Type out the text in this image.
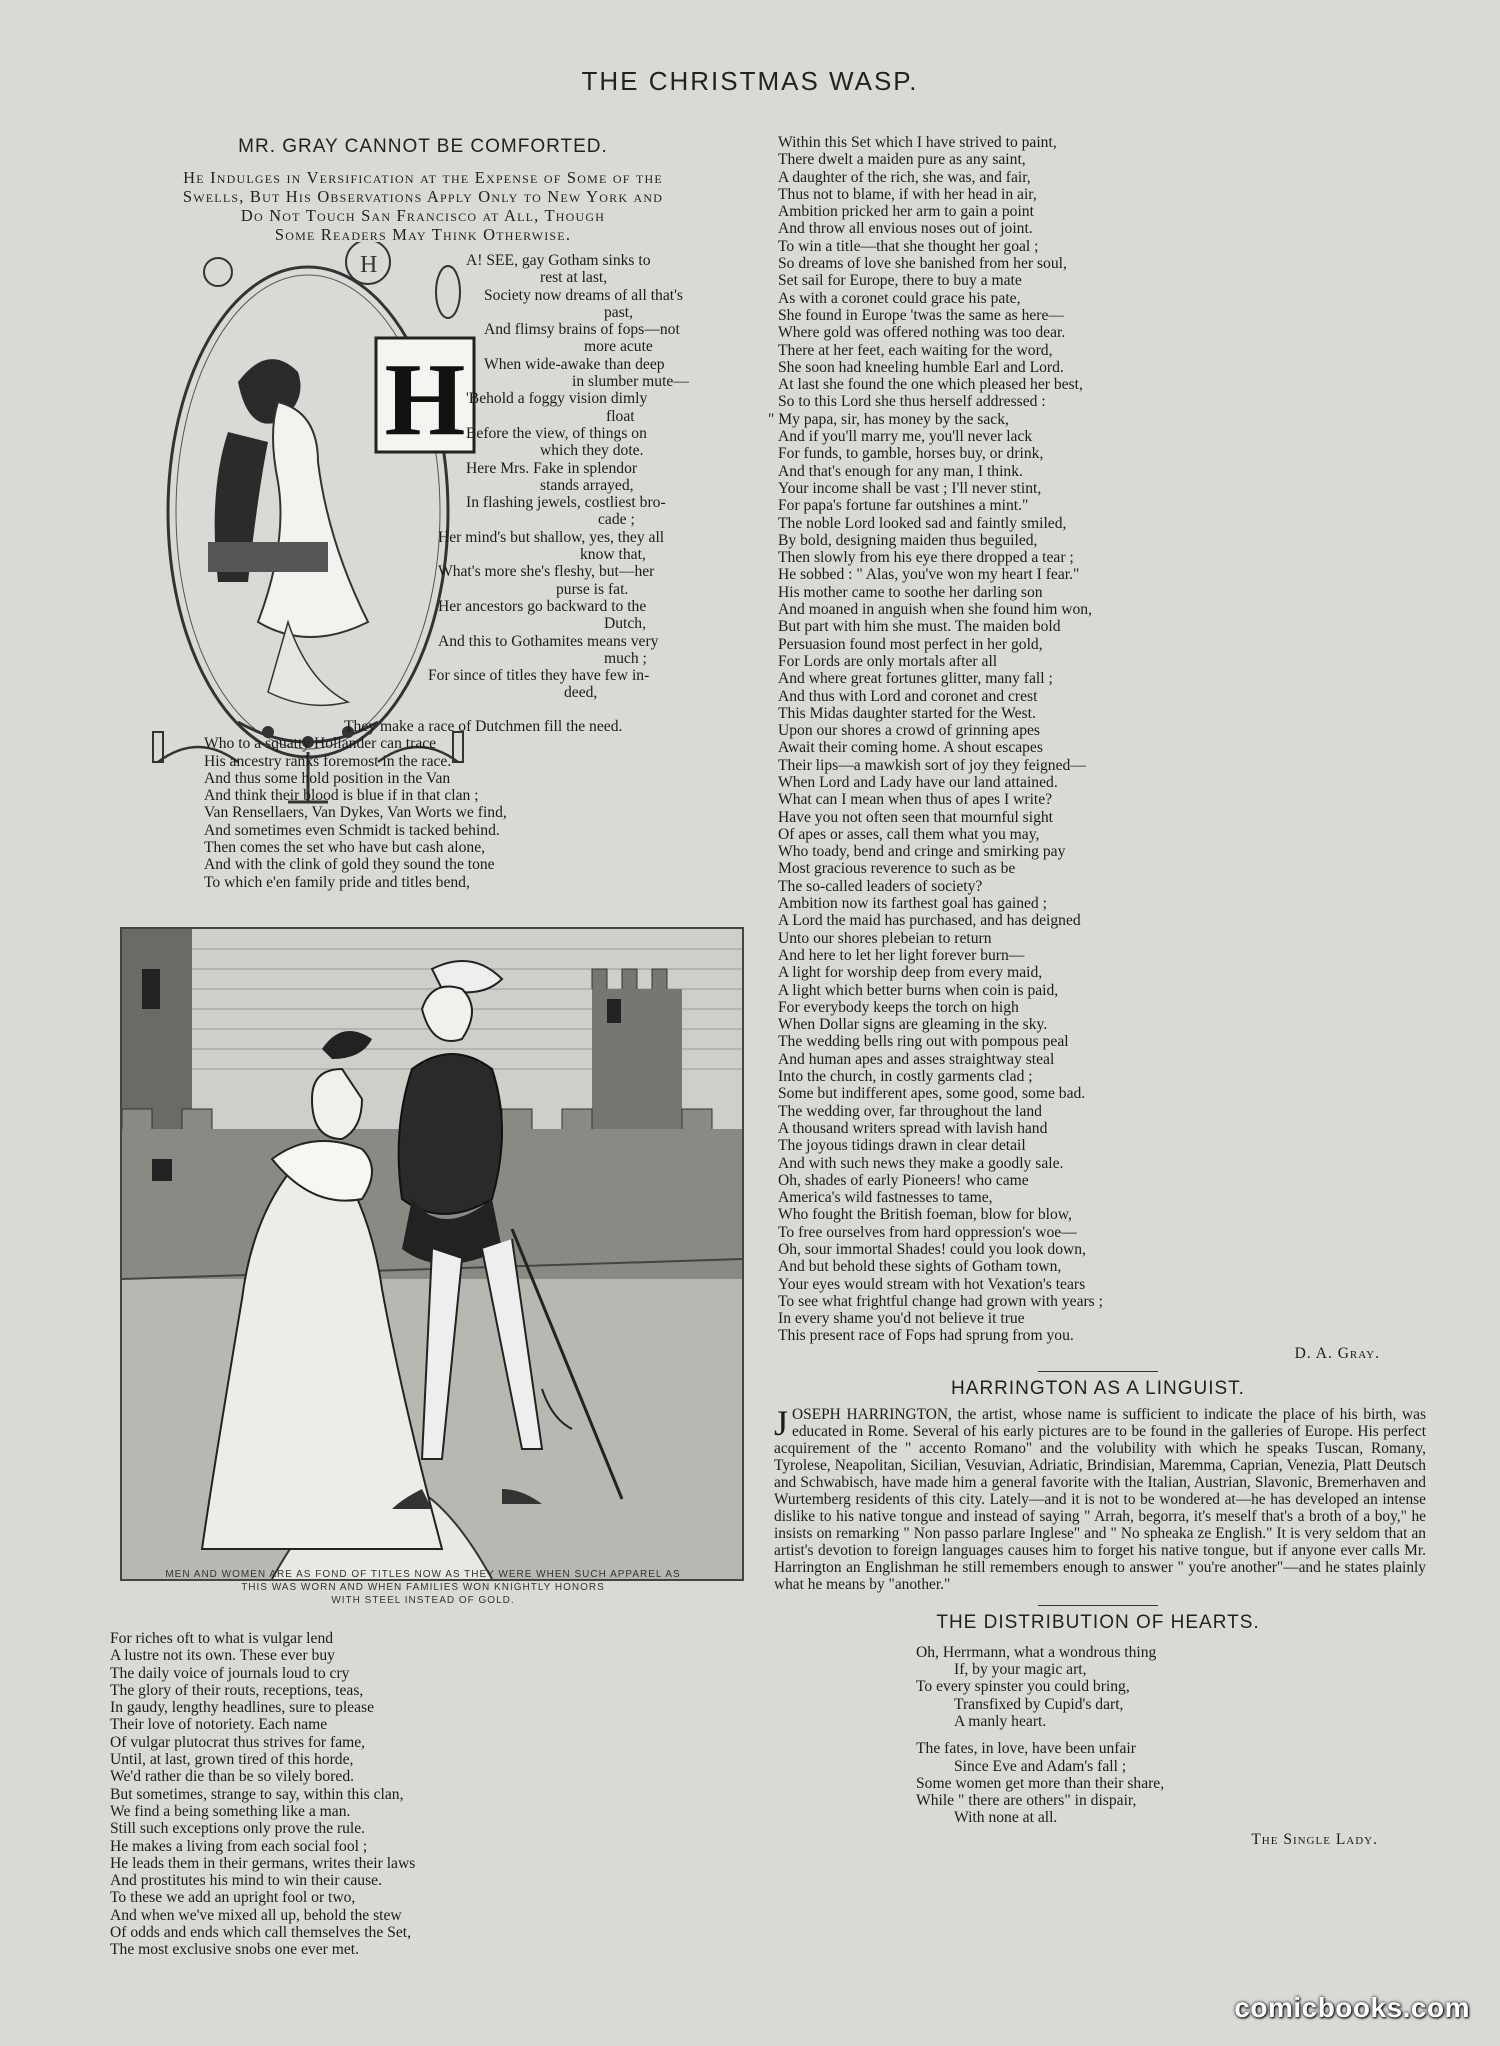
THE CHRISTMAS WASP.
MR. GRAY CANNOT BE COMFORTED.
He Indulges in Versification at the Expense of Some of the
Swells, But His Observations Apply Only to New York and
Do Not Touch San Francisco at All, Though
Some Readers May Think Otherwise.
H
H
A! SEE, gay Gotham sinks to
rest at last,
Society now dreams of all that's
past,
And flimsy brains of fops—not
more acute
When wide-awake than deep
in slumber mute—
'Behold a foggy vision dimly
float
Before the view, of things on
which they dote.
Here Mrs. Fake in splendor
stands arrayed,
In flashing jewels, costliest bro-
cade ;
Her mind's but shallow, yes, they all
know that,
What's more she's fleshy, but—her
purse is fat.
Her ancestors go backward to the
Dutch,
And this to Gothamites means very
much ;
For since of titles they have few in-
deed,
They make a race of Dutchmen fill the need.
Who to a squatty Hollander can trace
His ancestry ranks foremost in the race.
And thus some hold position in the Van
And think their blood is blue if in that clan ;
Van Rensellaers, Van Dykes, Van Worts we find,
And sometimes even Schmidt is tacked behind.
Then comes the set who have but cash alone,
And with the clink of gold they sound the tone
To which e'en family pride and titles bend,
MEN AND WOMEN ARE AS FOND OF TITLES NOW AS THEY WERE WHEN SUCH APPAREL AS
THIS WAS WORN AND WHEN FAMILIES WON KNIGHTLY HONORS
WITH STEEL INSTEAD OF GOLD.
For riches oft to what is vulgar lend
A lustre not its own. These ever buy
The daily voice of journals loud to cry
The glory of their routs, receptions, teas,
In gaudy, lengthy headlines, sure to please
Their love of notoriety. Each name
Of vulgar plutocrat thus strives for fame,
Until, at last, grown tired of this horde,
We'd rather die than be so vilely bored.
But sometimes, strange to say, within this clan,
We find a being something like a man.
Still such exceptions only prove the rule.
He makes a living from each social fool ;
He leads them in their germans, writes their laws
And prostitutes his mind to win their cause.
To these we add an upright fool or two,
And when we've mixed all up, behold the stew
Of odds and ends which call themselves the Set,
The most exclusive snobs one ever met.
Within this Set which I have strived to paint,
There dwelt a maiden pure as any saint,
A daughter of the rich, she was, and fair,
Thus not to blame, if with her head in air,
Ambition pricked her arm to gain a point
And throw all envious noses out of joint.
To win a title—that she thought her goal ;
So dreams of love she banished from her soul,
Set sail for Europe, there to buy a mate
As with a coronet could grace his pate,
She found in Europe 'twas the same as here—
Where gold was offered nothing was too dear.
There at her feet, each waiting for the word,
She soon had kneeling humble Earl and Lord.
At last she found the one which pleased her best,
So to this Lord she thus herself addressed :
" My papa, sir, has money by the sack,
And if you'll marry me, you'll never lack
For funds, to gamble, horses buy, or drink,
And that's enough for any man, I think.
Your income shall be vast ; I'll never stint,
For papa's fortune far outshines a mint."
The noble Lord looked sad and faintly smiled,
By bold, designing maiden thus beguiled,
Then slowly from his eye there dropped a tear ;
He sobbed : " Alas, you've won my heart I fear."
His mother came to soothe her darling son
And moaned in anguish when she found him won,
But part with him she must. The maiden bold
Persuasion found most perfect in her gold,
For Lords are only mortals after all
And where great fortunes glitter, many fall ;
And thus with Lord and coronet and crest
This Midas daughter started for the West.
Upon our shores a crowd of grinning apes
Await their coming home. A shout escapes
Their lips—a mawkish sort of joy they feigned—
When Lord and Lady have our land attained.
What can I mean when thus of apes I write?
Have you not often seen that mournful sight
Of apes or asses, call them what you may,
Who toady, bend and cringe and smirking pay
Most gracious reverence to such as be
The so-called leaders of society?
Ambition now its farthest goal has gained ;
A Lord the maid has purchased, and has deigned
Unto our shores plebeian to return
And here to let her light forever burn—
A light for worship deep from every maid,
A light which better burns when coin is paid,
For everybody keeps the torch on high
When Dollar signs are gleaming in the sky.
The wedding bells ring out with pompous peal
And human apes and asses straightway steal
Into the church, in costly garments clad ;
Some but indifferent apes, some good, some bad.
The wedding over, far throughout the land
A thousand writers spread with lavish hand
The joyous tidings drawn in clear detail
And with such news they make a goodly sale.
Oh, shades of early Pioneers! who came
America's wild fastnesses to tame,
Who fought the British foeman, blow for blow,
To free ourselves from hard oppression's woe—
Oh, sour immortal Shades! could you look down,
And but behold these sights of Gotham town,
Your eyes would stream with hot Vexation's tears
To see what frightful change had grown with years ;
In every shame you'd not believe it true
This present race of Fops had sprung from you.
D. A. Gray.
HARRINGTON AS A LINGUIST.
JOSEPH HARRINGTON, the artist, whose name is sufficient to indicate the place of his birth, was educated in Rome. Several of his early pictures are to be found in the galleries of Europe. His perfect acquirement of the " accento Romano" and the volubility with which he speaks Tuscan, Romany, Tyrolese, Neapolitan, Sicilian, Vesuvian, Adriatic, Brindisian, Maremma, Caprian, Venezia, Platt Deutsch and Schwabisch, have made him a general favorite with the Italian, Austrian, Slavonic, Bremerhaven and Wurtemberg residents of this city. Lately—and it is not to be wondered at—he has developed an intense dislike to his native tongue and instead of saying " Arrah, begorra, it's meself that's a broth of a boy," he insists on remarking " Non passo parlare Inglese" and " No spheaka ze English." It is very seldom that an artist's devotion to foreign languages causes him to forget his native tongue, but if anyone ever calls Mr. Harrington an Englishman he still remembers enough to answer " you're another"—and he states plainly what he means by "another."
THE DISTRIBUTION OF HEARTS.
Oh, Herrmann, what a wondrous thing
If, by your magic art,
To every spinster you could bring,
Transfixed by Cupid's dart,
A manly heart.
The fates, in love, have been unfair
Since Eve and Adam's fall ;
Some women get more than their share,
While " there are others" in dispair,
With none at all.
The Single Lady.
comicbooks.com
